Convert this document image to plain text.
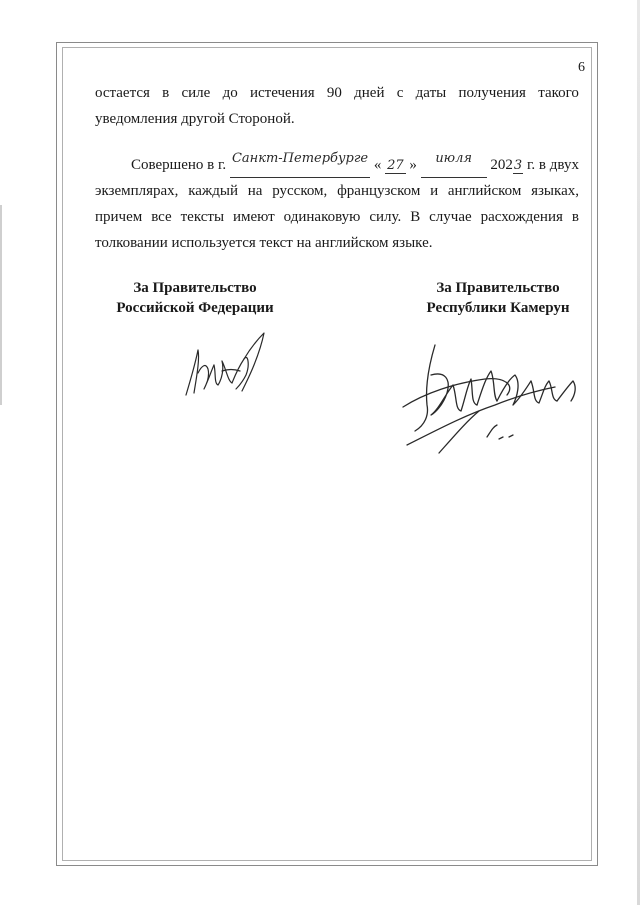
6
остается в силе до истечения 90 дней с даты получения такого
уведомления другой Стороной.
Совершено в г. Санкт-Петербурге « 27 »	июля	2023 г. в двух
экземплярах, каждый на русском, французском и английском языках,
причем все тексты имеют одинаковую силу. В случае расхождения в
толковании используется текст на английском языке.
За Правительство
Российской Федерации
За Правительство
Республики Камерун
